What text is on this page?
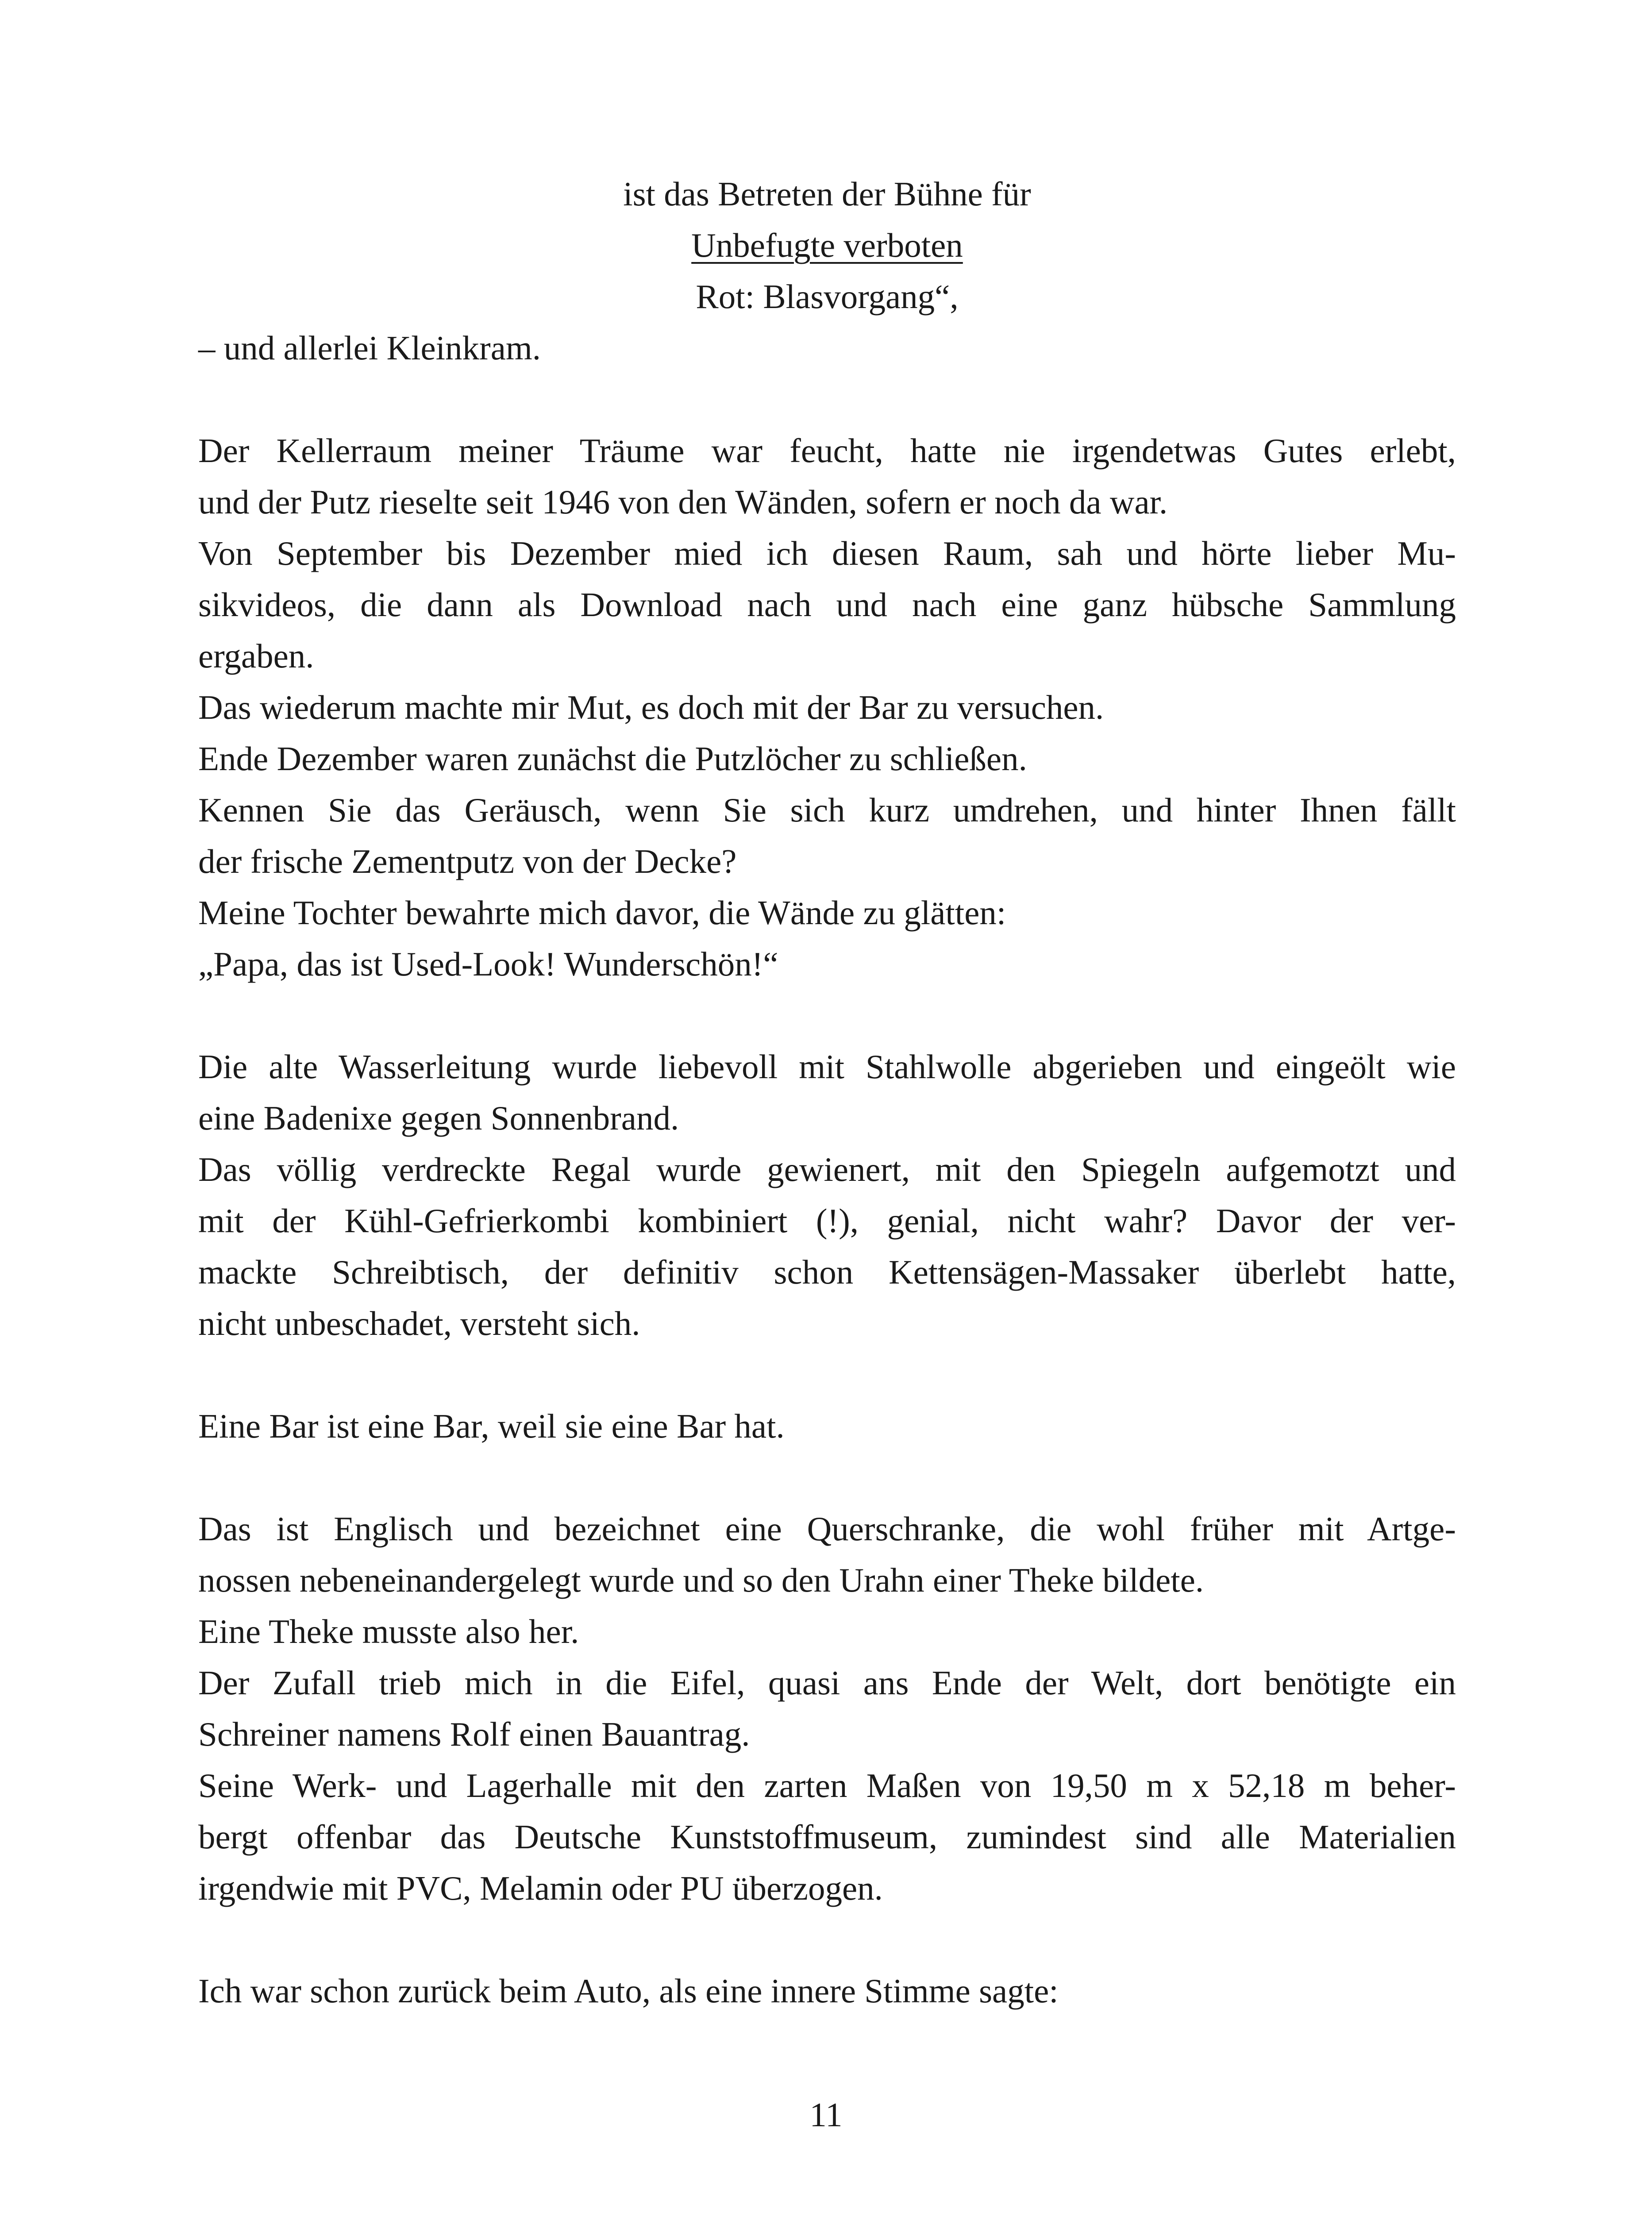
ist das Betreten der Bühne für

Unbefugte verboten

Rot: Blasvorgang“,

– und allerlei Kleinkram.
Der Kellerraum meiner Träume war feucht, hatte nie irgendetwas Gutes erlebt,
und der Putz rieselte seit 1946 von den Wänden, sofern er noch da war.
Von September bis Dezember mied ich diesen Raum, sah und hörte lieber Mu-
sikvideos, die dann als Download nach und nach eine ganz hübsche Sammlung
ergaben.
Das wiederum machte mir Mut, es doch mit der Bar zu versuchen.
Ende Dezember waren zunächst die Putzlöcher zu schließen.
Kennen Sie das Geräusch, wenn Sie sich kurz umdrehen, und hinter Ihnen fällt
der frische Zementputz von der Decke?
Meine Tochter bewahrte mich davor, die Wände zu glätten:
„Papa, das ist Used-Look! Wunderschön!“
Die alte Wasserleitung wurde liebevoll mit Stahlwolle abgerieben und eingeölt wie
eine Badenixe gegen Sonnenbrand.
Das völlig verdreckte Regal wurde gewienert, mit den Spiegeln aufgemotzt und
mit der Kühl-Gefrierkombi kombiniert (!), genial, nicht wahr? Davor der ver-
mackte Schreibtisch, der definitiv schon Kettensägen-Massaker überlebt hatte,
nicht unbeschadet, versteht sich.
Eine Bar ist eine Bar, weil sie eine Bar hat.
Das ist Englisch und bezeichnet eine Querschranke, die wohl früher mit Artge-
nossen nebeneinandergelegt wurde und so den Urahn einer Theke bildete.
Eine Theke musste also her.
Der Zufall trieb mich in die Eifel, quasi ans Ende der Welt, dort benötigte ein
Schreiner namens Rolf einen Bauantrag.
Seine Werk- und Lagerhalle mit den zarten Maßen von 19,50 m x 52,18 m beher-
bergt offenbar das Deutsche Kunststoffmuseum, zumindest sind alle Materialien
irgendwie mit PVC, Melamin oder PU überzogen.
Ich war schon zurück beim Auto, als eine innere Stimme sagte:
11
